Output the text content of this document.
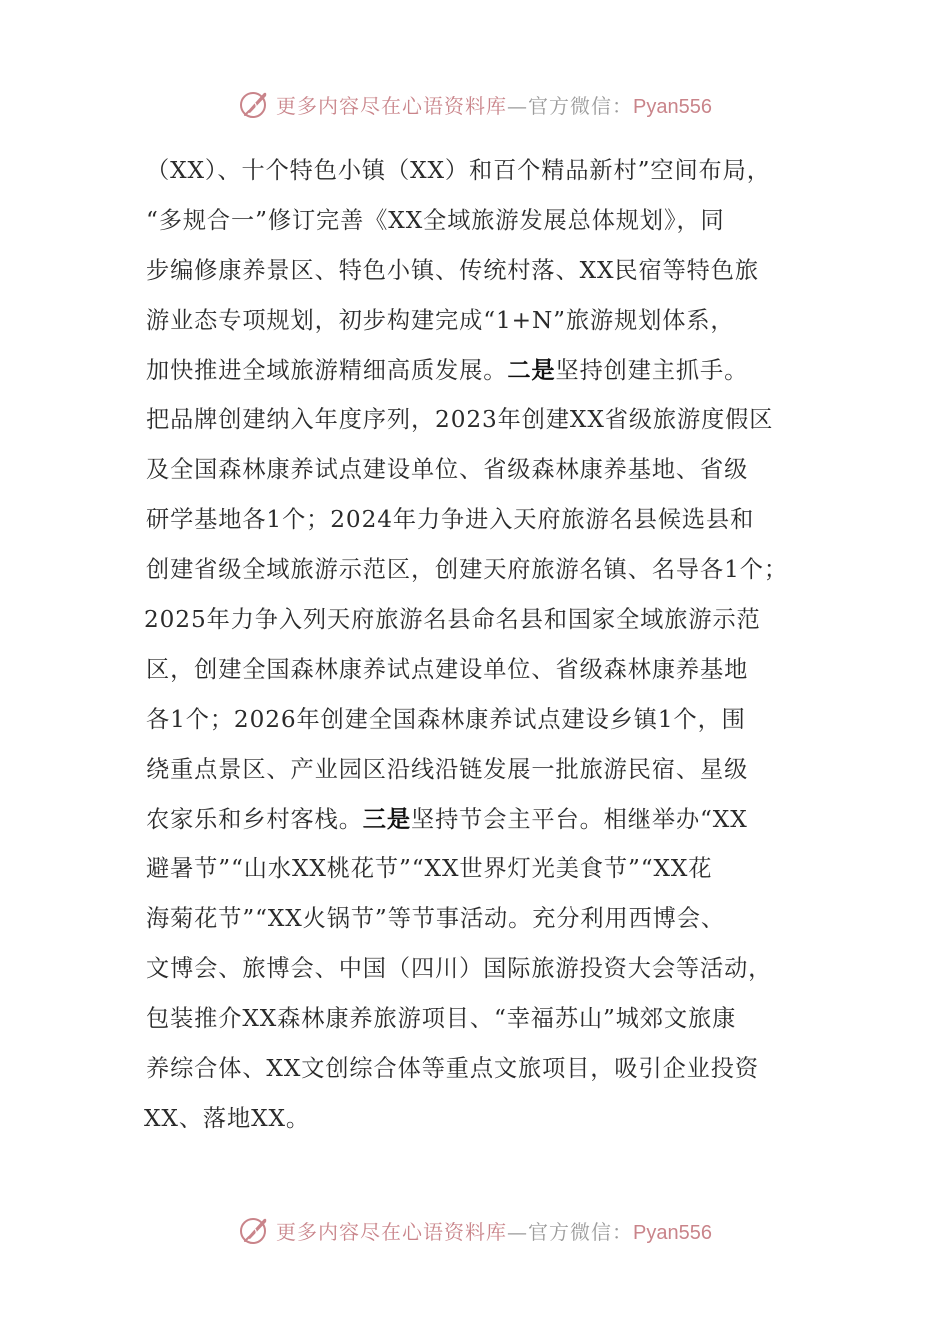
更多内容尽在心语资料库—官方微信：Pyan556
（XX）、十个特色小镇（XX）和百个精品新村”空间布局，
“多规合一”修订完善《XX全域旅游发展总体规划》，同
步编修康养景区、特色小镇、传统村落、XX民宿等特色旅
游业态专项规划，初步构建完成“1+N”旅游规划体系，
加快推进全域旅游精细高质发展。二是坚持创建主抓手。
把品牌创建纳入年度序列，2023年创建XX省级旅游度假区
及全国森林康养试点建设单位、省级森林康养基地、省级
研学基地各1个；2024年力争进入天府旅游名县候选县和
创建省级全域旅游示范区，创建天府旅游名镇、名导各1个；
2025年力争入列天府旅游名县命名县和国家全域旅游示范
区，创建全国森林康养试点建设单位、省级森林康养基地
各1个；2026年创建全国森林康养试点建设乡镇1个，围
绕重点景区、产业园区沿线沿链发展一批旅游民宿、星级
农家乐和乡村客栈。三是坚持节会主平台。相继举办“XX
避暑节”“山水XX桃花节”“XX世界灯光美食节”“XX花
海菊花节”“XX火锅节”等节事活动。充分利用西博会、
文博会、旅博会、中国（四川）国际旅游投资大会等活动，
包装推介XX森林康养旅游项目、“幸福苏山”城郊文旅康
养综合体、XX文创综合体等重点文旅项目，吸引企业投资
XX、落地XX。
更多内容尽在心语资料库—官方微信：Pyan556
